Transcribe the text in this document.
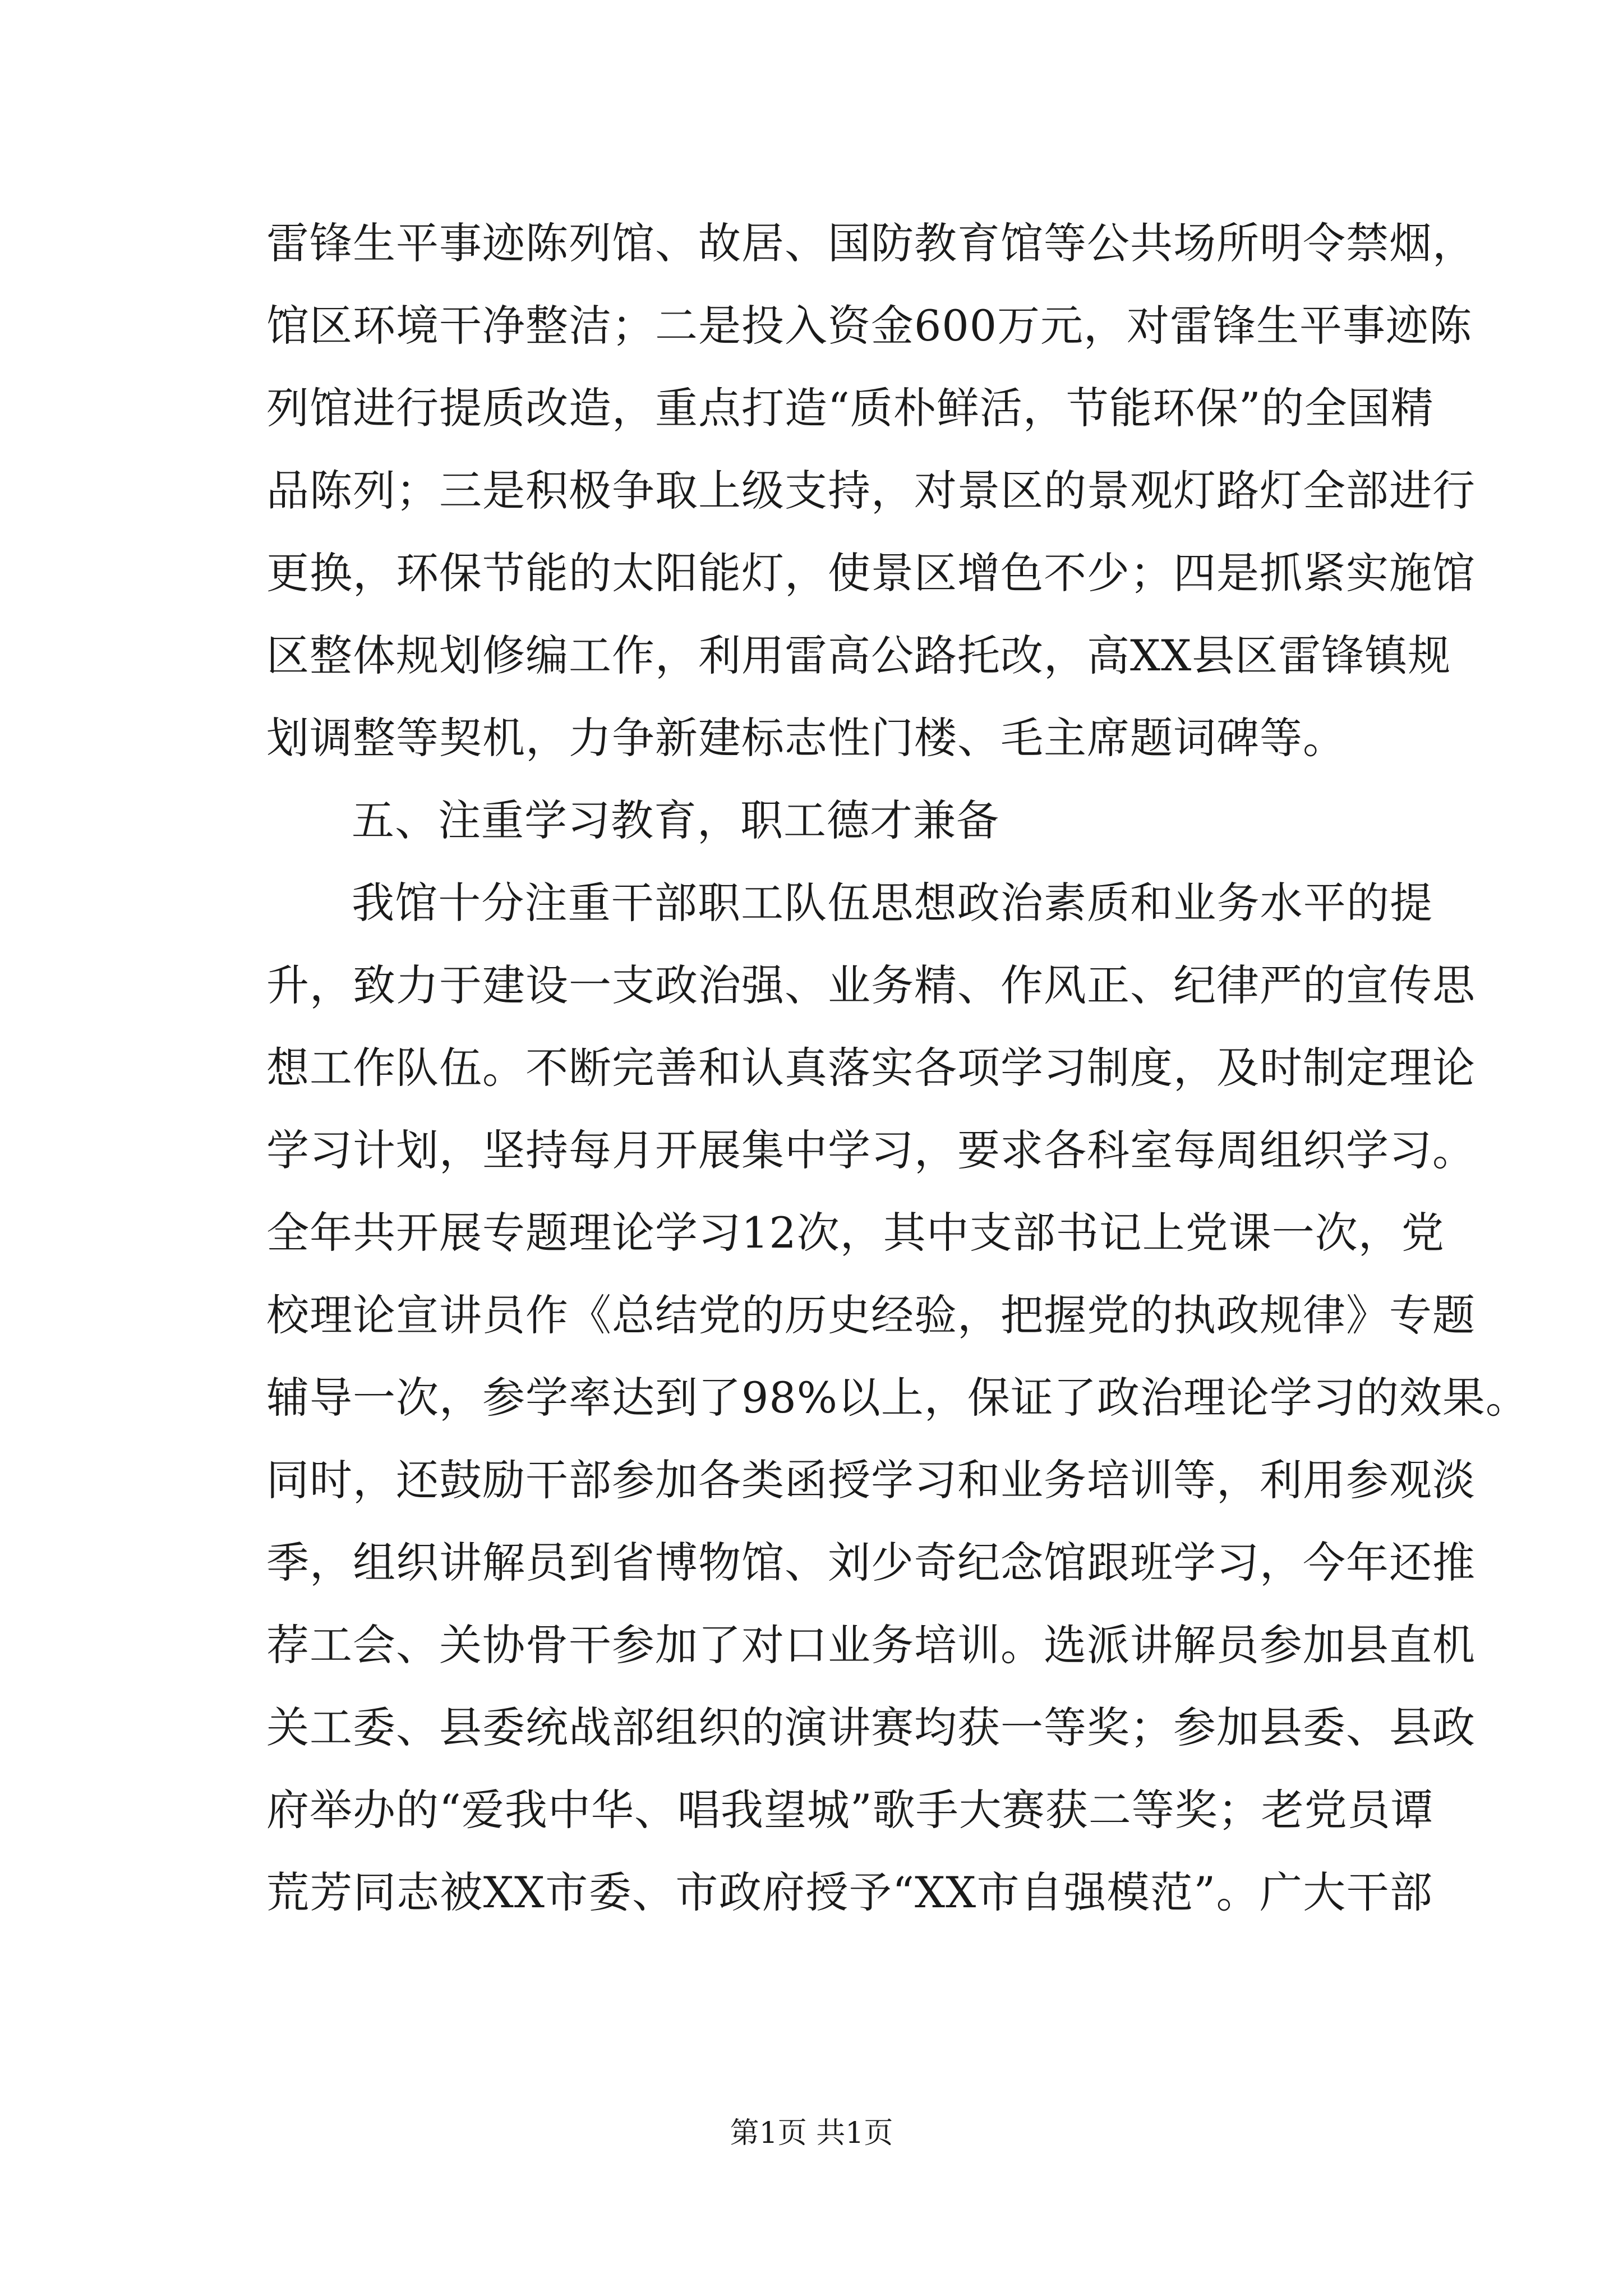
雷锋生平事迹陈列馆、故居、国防教育馆等公共场所明令禁烟，
馆区环境干净整洁；二是投入资金600万元，对雷锋生平事迹陈
列馆进行提质改造，重点打造“质朴鲜活，节能环保”的全国精
品陈列；三是积极争取上级支持，对景区的景观灯路灯全部进行
更换，环保节能的太阳能灯，使景区增色不少；四是抓紧实施馆
区整体规划修编工作，利用雷高公路托改，高XX县区雷锋镇规
划调整等契机，力争新建标志性门楼、毛主席题词碑等。
五、注重学习教育，职工德才兼备
我馆十分注重干部职工队伍思想政治素质和业务水平的提
升，致力于建设一支政治强、业务精、作风正、纪律严的宣传思
想工作队伍。不断完善和认真落实各项学习制度，及时制定理论
学习计划，坚持每月开展集中学习，要求各科室每周组织学习。
全年共开展专题理论学习12次，其中支部书记上党课一次，党
校理论宣讲员作《总结党的历史经验，把握党的执政规律》专题
辅导一次，参学率达到了98%以上，保证了政治理论学习的效果。
同时，还鼓励干部参加各类函授学习和业务培训等，利用参观淡
季，组织讲解员到省博物馆、刘少奇纪念馆跟班学习，今年还推
荐工会、关协骨干参加了对口业务培训。选派讲解员参加县直机
关工委、县委统战部组织的演讲赛均获一等奖；参加县委、县政
府举办的“爱我中华、唱我望城”歌手大赛获二等奖；老党员谭
荒芳同志被XX市委、市政府授予“XX市自强模范”。广大干部
第1页 共1页
